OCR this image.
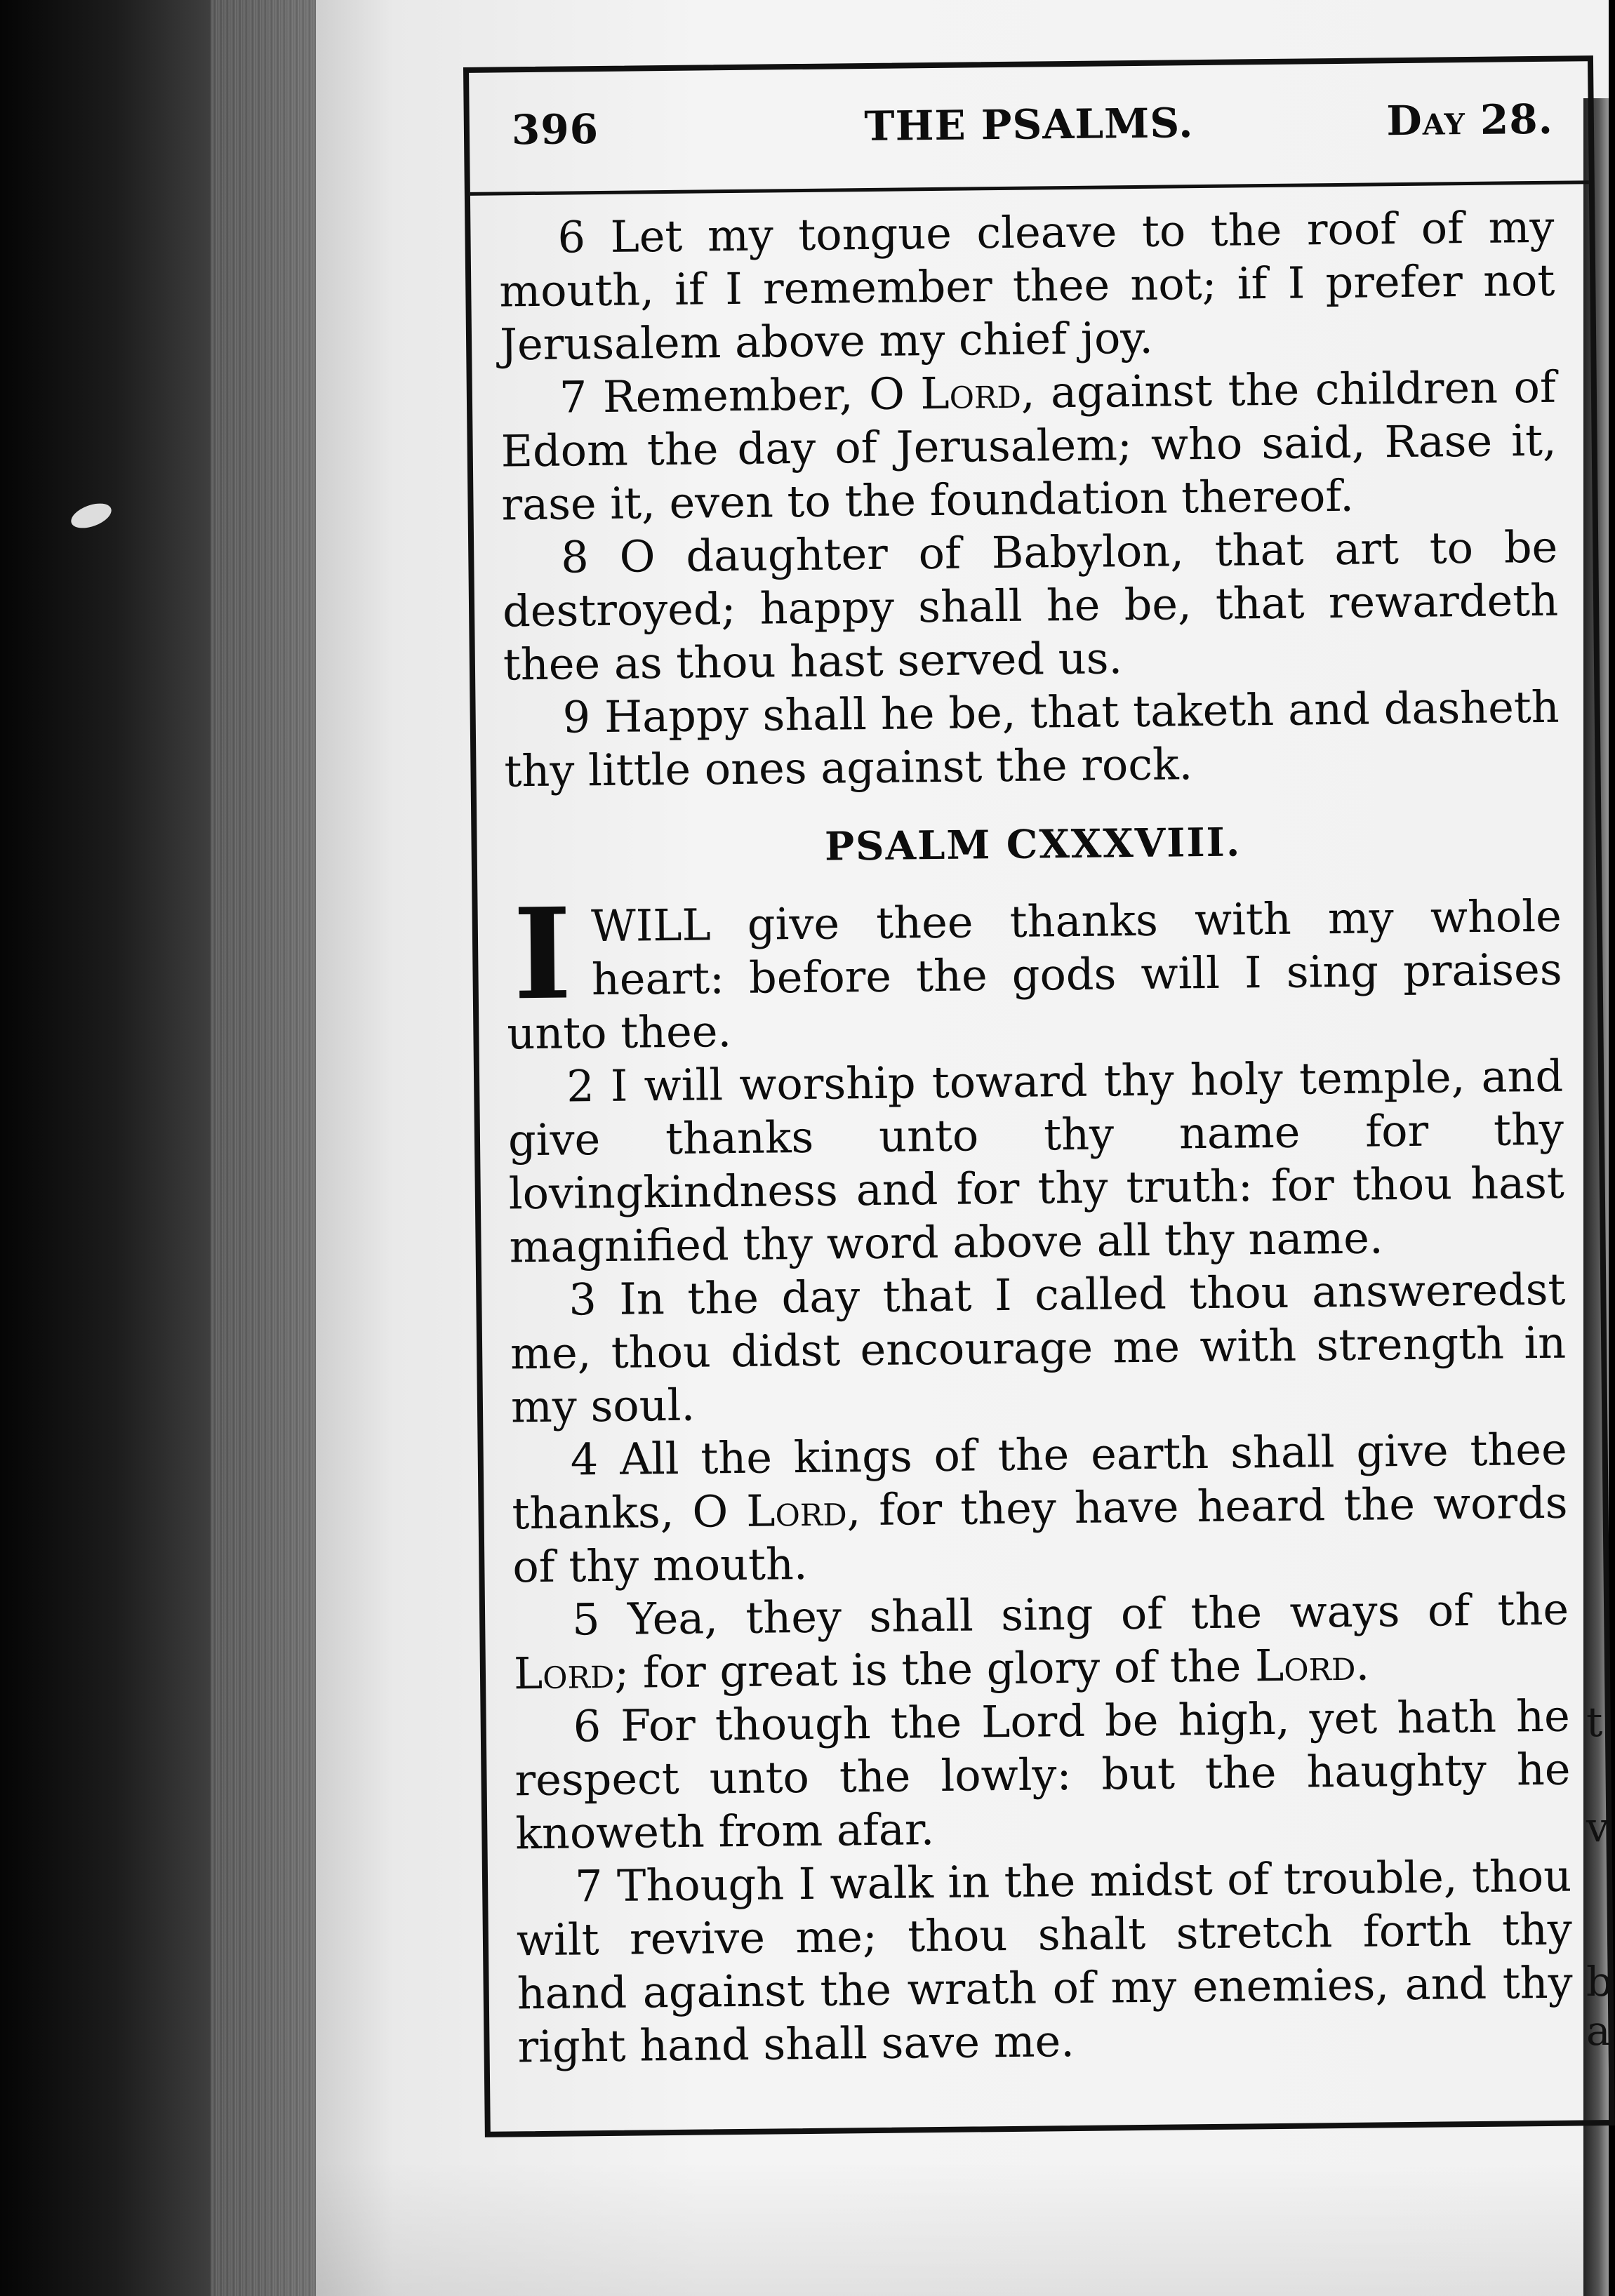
t
v
b
a
396	THE PSALMS.	Day 28.

6 Let my tongue cleave to the roof of my mouth, if I remember thee not; if I prefer not Jerusalem above my chief joy.

7 Remember, O Lord, against the children of Edom the day of Jerusalem; who said, Rase it, rase it, even to the foundation thereof.

8 O daughter of Babylon, that art to be destroyed; happy shall he be, that rewardeth thee as thou hast served us.

9 Happy shall he be, that taketh and dasheth thy little ones against the rock.

PSALM CXXXVIII.

IWILL give thee thanks with my whole heart: before the gods will I sing praises unto thee.

2 I will worship toward thy holy temple, and give thanks unto thy name for thy lovingkindness and for thy truth: for thou hast magnified thy word above all thy name.

3 In the day that I called thou answeredst me, thou didst encourage me with strength in my soul.

4 All the kings of the earth shall give thee thanks, O Lord, for they have heard the words of thy mouth.

5 Yea, they shall sing of the ways of the Lord; for great is the glory of the Lord.

6 For though the Lord be high, yet hath he respect unto the lowly: but the haughty he knoweth from afar.

7 Though I walk in the midst of trouble, thou wilt revive me; thou shalt stretch forth thy hand against the wrath of my enemies, and thy right hand shall save me.
